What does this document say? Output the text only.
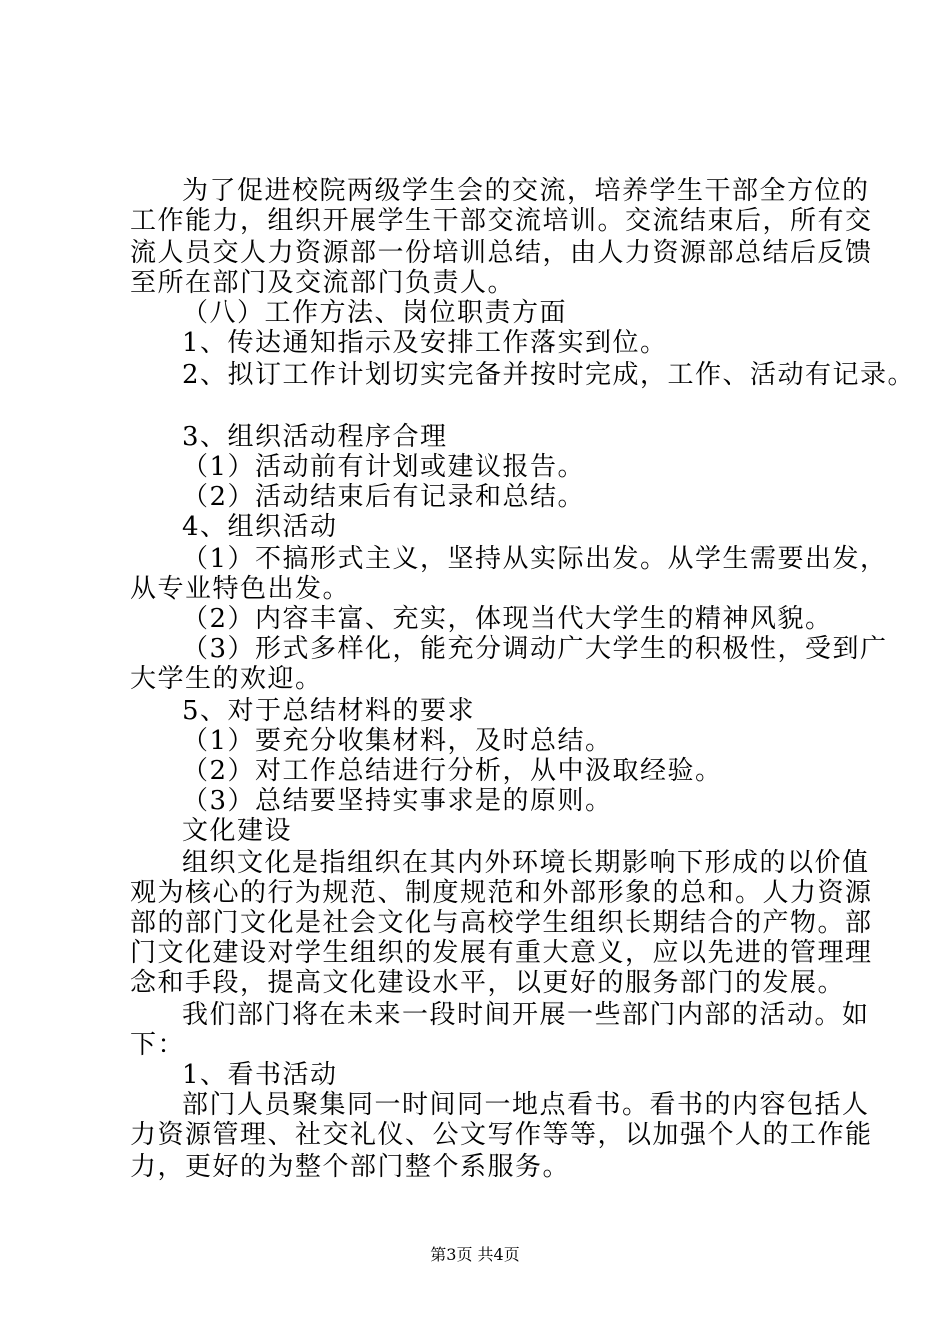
为了促进校院两级学生会的交流，培养学生干部全方位的
工作能力，组织开展学生干部交流培训。交流结束后，所有交
流人员交人力资源部一份培训总结，由人力资源部总结后反馈
至所在部门及交流部门负责人。
（八）工作方法、岗位职责方面
1、传达通知指示及安排工作落实到位。
2、拟订工作计划切实完备并按时完成，工作、活动有记录。
3、组织活动程序合理
（1）活动前有计划或建议报告。
（2）活动结束后有记录和总结。
4、组织活动
（1）不搞形式主义，坚持从实际出发。从学生需要出发，
从专业特色出发。
（2）内容丰富、充实，体现当代大学生的精神风貌。
（3）形式多样化，能充分调动广大学生的积极性，受到广
大学生的欢迎。
5、对于总结材料的要求
（1）要充分收集材料，及时总结。
（2）对工作总结进行分析，从中汲取经验。
（3）总结要坚持实事求是的原则。
文化建设
组织文化是指组织在其内外环境长期影响下形成的以价值
观为核心的行为规范、制度规范和外部形象的总和。人力资源
部的部门文化是社会文化与高校学生组织长期结合的产物。部
门文化建设对学生组织的发展有重大意义，应以先进的管理理
念和手段，提高文化建设水平，以更好的服务部门的发展。
我们部门将在未来一段时间开展一些部门内部的活动。如
下：
1、看书活动
部门人员聚集同一时间同一地点看书。看书的内容包括人
力资源管理、社交礼仪、公文写作等等，以加强个人的工作能
力，更好的为整个部门整个系服务。
第3页 共4页
